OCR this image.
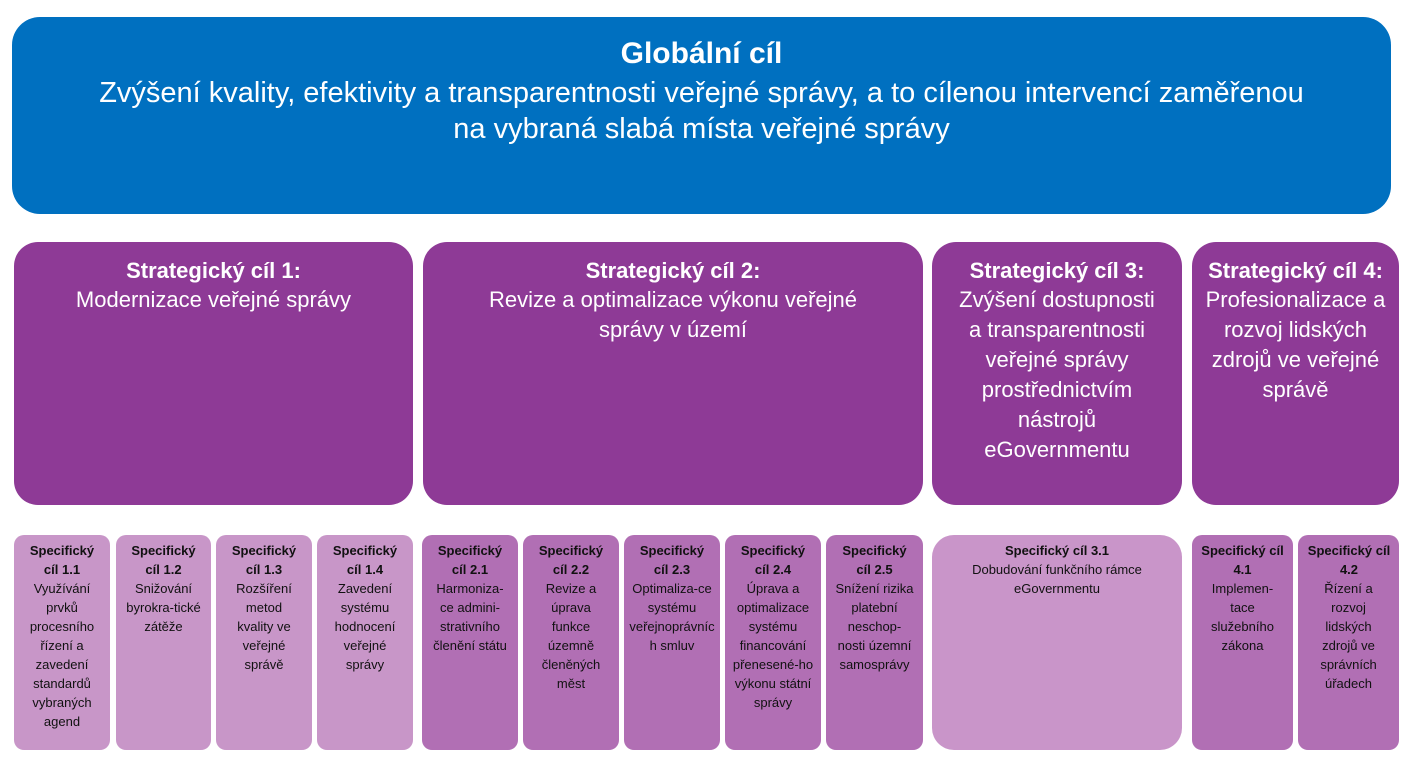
Globální cíl
Zvýšení kvality, efektivity a transparentnosti veřejné správy, a to cílenou intervencí zaměřenou na vybraná slabá místa veřejné správy
Strategický cíl 1:
Modernizace veřejné správy
Strategický cíl 2:
Revize a optimalizace výkonu veřejné správy v území
Strategický cíl 3:
Zvýšení dostupnosti a transparentnosti veřejné správy prostřednictvím nástrojů eGovernmentu
Strategický cíl 4:
Profesionalizace a rozvoj lidských zdrojů ve veřejné správě
Specifický cíl 1.1
Využívání prvků procesního řízení a zavedení standardů vybraných agend
Specifický cíl 1.2
Snižování byrokra-tické zátěže
Specifický cíl 1.3
Rozšíření metod kvality ve veřejné správě
Specifický cíl 1.4
Zavedení systému hodnocení veřejné správy
Specifický cíl 2.1
Harmoniza-ce admini-strativního členění státu
Specifický cíl 2.2
Revize a úprava funkce územně členěných měst
Specifický cíl 2.3
Optimaliza-ce systému veřejnoprávních smluv
Specifický cíl 2.4
Úprava a optimalizace systému financování přenesené-ho výkonu státní správy
Specifický cíl 2.5
Snížení rizika platební neschop-nosti územní samosprávy
Specifický cíl 3.1
Dobudování funkčního rámce eGovernmentu
Specifický cíl 4.1
Implemen-tace služebního zákona
Specifický cíl 4.2
Řízení a rozvoj lidských zdrojů ve správních úřadech
